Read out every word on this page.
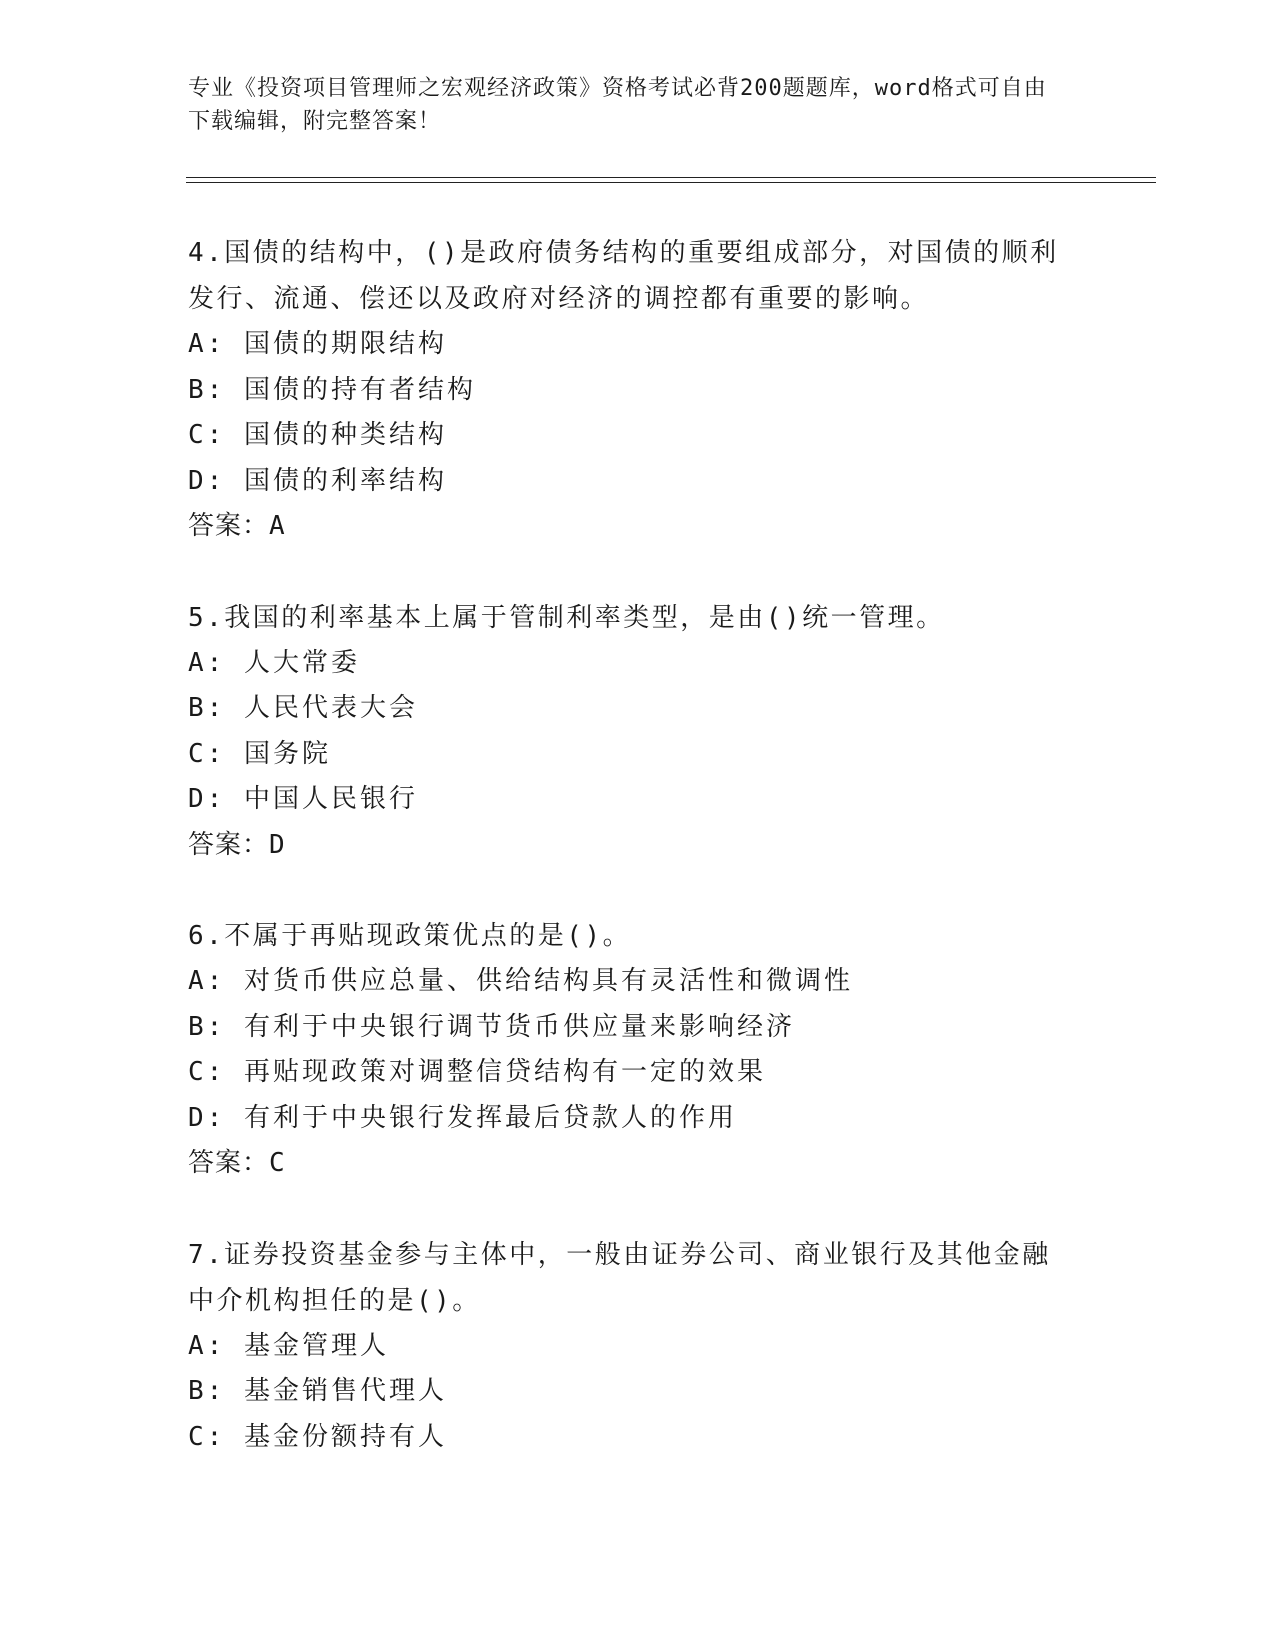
专业《投资项目管理师之宏观经济政策》资格考试必背200题题库，word格式可自由下载编辑，附完整答案！

4.国债的结构中，()是政府债务结构的重要组成部分，对国债的顺利发行、流通、偿还以及政府对经济的调控都有重要的影响。

A: 国债的期限结构

B: 国债的持有者结构

C: 国债的种类结构

D: 国债的利率结构

答案：A

5.我国的利率基本上属于管制利率类型，是由()统一管理。

A: 人大常委

B: 人民代表大会

C: 国务院

D: 中国人民银行

答案：D

6.不属于再贴现政策优点的是()。

A: 对货币供应总量、供给结构具有灵活性和微调性

B: 有利于中央银行调节货币供应量来影响经济

C: 再贴现政策对调整信贷结构有一定的效果

D: 有利于中央银行发挥最后贷款人的作用

答案：C

7.证券投资基金参与主体中，一般由证券公司、商业银行及其他金融中介机构担任的是()。

A: 基金管理人

B: 基金销售代理人

C: 基金份额持有人
